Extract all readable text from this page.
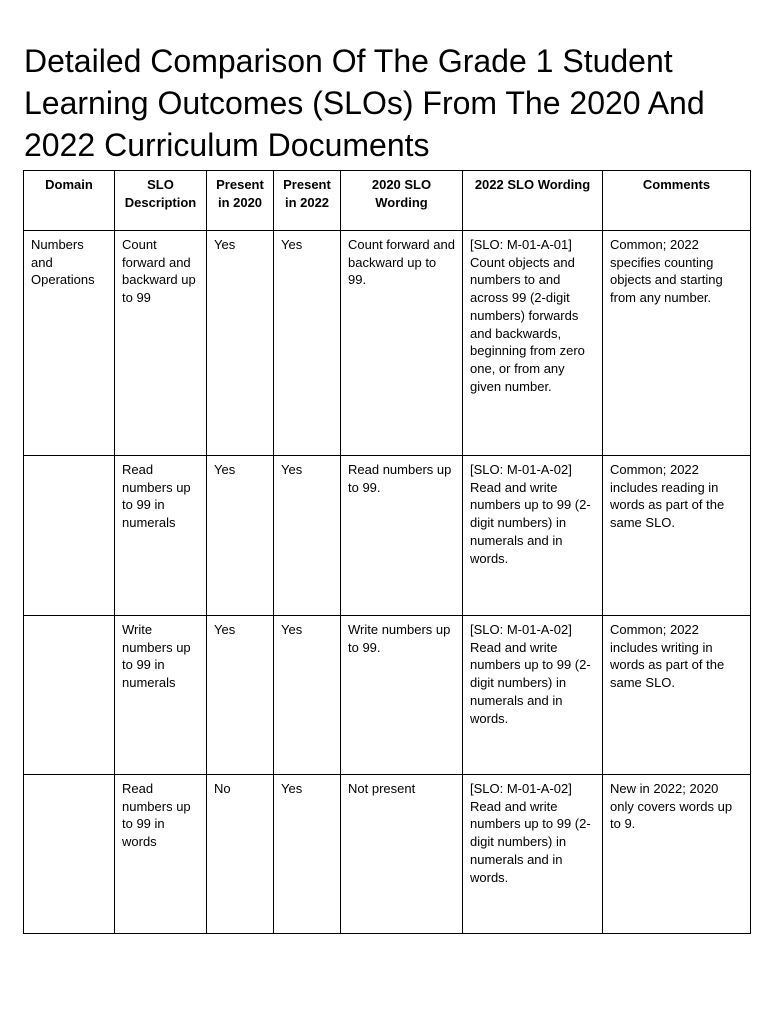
Detailed Comparison Of The Grade 1 Student Learning Outcomes (SLOs) From The 2020 And 2022 Curriculum Documents
Domain	SLO Description	Present in 2020	Present in 2022	2020 SLO Wording	2022 SLO Wording	Comments
Numbers and Operations	Count forward and backward up to 99	Yes	Yes	Count forward and backward up to 99.	[SLO: M-01-A-01] Count objects and numbers to and across 99 (2-digit numbers) forwards and backwards, beginning from zero one, or from any given number.	Common; 2022 specifies counting objects and starting from any number.
	Read numbers up to 99 in numerals	Yes	Yes	Read numbers up to 99.	[SLO: M-01-A-02] Read and write numbers up to 99 (2-digit numbers) in numerals and in words.	Common; 2022 includes reading in words as part of the same SLO.
	Write numbers up to 99 in numerals	Yes	Yes	Write numbers up to 99.	[SLO: M-01-A-02] Read and write numbers up to 99 (2-digit numbers) in numerals and in words.	Common; 2022 includes writing in words as part of the same SLO.
	Read numbers up to 99 in words	No	Yes	Not present	[SLO: M-01-A-02] Read and write numbers up to 99 (2-digit numbers) in numerals and in words.	New in 2022; 2020 only covers words up to 9.
